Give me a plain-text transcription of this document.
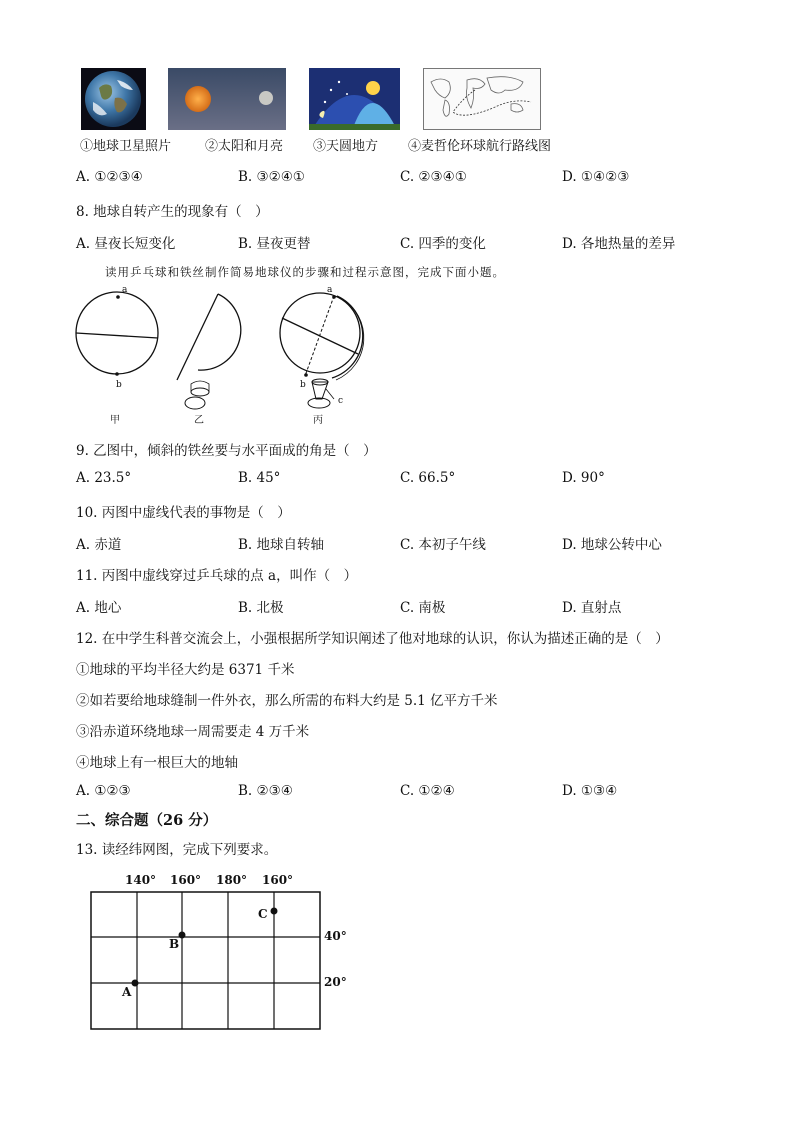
①地球卫星照片	②太阳和月亮 ③天圆地方 ④麦哲伦环球航行路线图
A. ①②③④	B. ③②④①	C. ②③④①	D. ①④②③
8. 地球自转产生的现象有（　）
A. 昼夜长短变化	B. 昼夜更替	C. 四季的变化	D. 各地热量的差异
读用乒乓球和铁丝制作简易地球仪的步骤和过程示意图，完成下面小题。
a
b
a
b
c
甲	乙	丙
9. 乙图中，倾斜的铁丝要与水平面成的角是（　）
A. 23.5°	B. 45°	C. 66.5°	D. 90°
10. 丙图中虚线代表的事物是（　）
A. 赤道	B. 地球自转轴	C. 本初子午线	D. 地球公转中心
11. 丙图中虚线穿过乒乓球的点 a，叫作（　）
A. 地心	B. 北极	C. 南极	D. 直射点
12. 在中学生科普交流会上，小强根据所学知识阐述了他对地球的认识，你认为描述正确的是（　）
①地球的平均半径大约是 6371 千米
②如若要给地球缝制一件外衣，那么所需的布料大约是 5.1 亿平方千米
③沿赤道环绕地球一周需要走 4 万千米
④地球上有一根巨大的地轴
A. ①②③	B. ②③④	C. ①②④	D. ①③④
二、综合题（26 分）
13. 读经纬网图，完成下列要求。
140° 160° 180° 160°
40°
20°
A
B
C
